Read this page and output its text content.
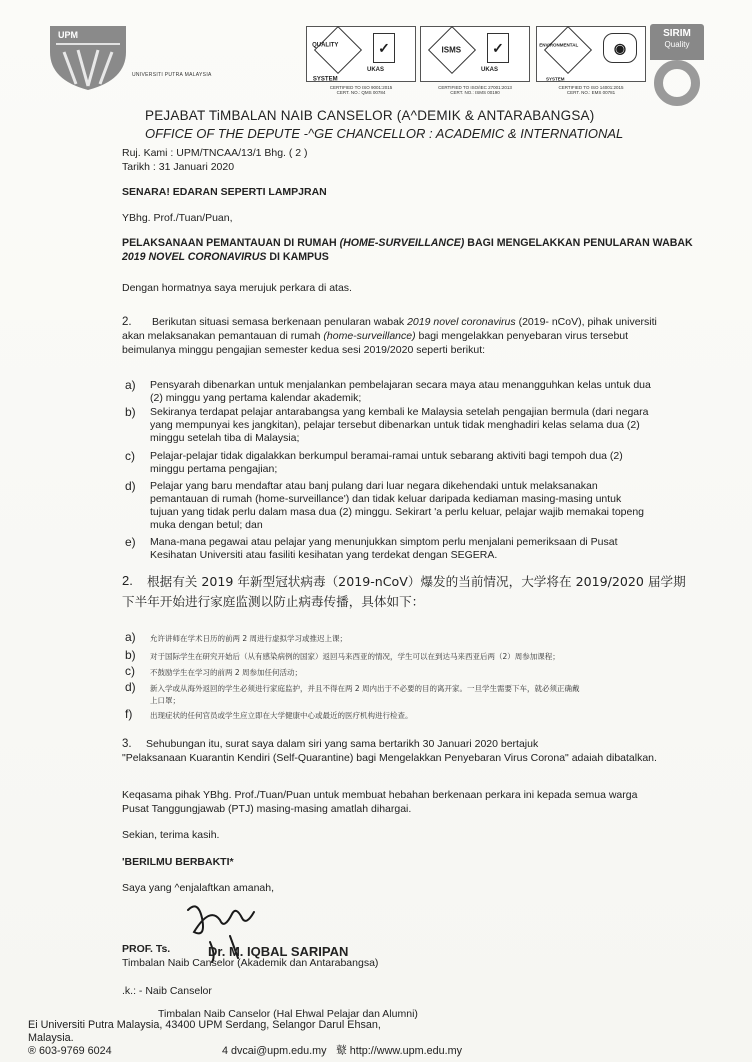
UPM
UNIVERSITI PUTRA MALAYSIA
QUALITY SYSTEM
✓
UKAS
CERTIFIED TO ISO 9001:2015
CERT. NO.: QMS 00784
ISMS	✓
UKAS
CERTIFIED TO ISO/IEC 27001:2013
CERT. NO.: ISMS 00190
ENVIRONMENTAL SYSTEM
◉
CERTIFIED TO ISO 14001:2015
CERT. NO.: EMS 00781
SIRIM
Quality
PEJABAT TiMBALAN NAIB CANSELOR (A^DEMIK & ANTARABANGSA)
OFFICE OF THE DEPUTE -^GE CHANCELLOR : ACADEMIC & INTERNATIONAL
Ruj. Kami : UPM/TNCAA/13/1 Bhg. ( 2 )
Tarikh : 31 Januari 2020
SENARA! EDARAN SEPERTI LAMPJRAN
YBhg. Prof./Tuan/Puan,
PELAKSANAAN PEMANTAUAN DI RUMAH (HOME-SURVEILLANCE) BAGI MENGELAKKAN PENULARAN WABAK
2019 NOVEL CORONAVIRUS DI KAMPUS
Dengan hormatnya saya merujuk perkara di atas.
2. Berikutan situasi semasa berkenaan penularan wabak 2019 novel coronavirus (2019- nCoV), pihak universiti
akan melaksanakan pemantauan di rumah (home-surveillance) bagi mengelakkan penyebaran virus tersebut
beimulanya minggu pengajian semester kedua sesi 2019/2020 seperti berikut:
a) Pensyarah dibenarkan untuk menjalankan pembelajaran secara maya atau menangguhkan kelas untuk dua
(2) minggu yang pertama kalendar akademik;
b) Sekiranya terdapat pelajar antarabangsa yang kembali ke Malaysia setelah pengajian bermula (dari negara
yang mempunyai kes jangkitan), pelajar tersebut dibenarkan untuk tidak menghadiri kelas selama dua (2)
minggu setelah tiba di Malaysia;
c) Pelajar-pelajar tidak digalakkan berkumpul beramai-ramai untuk sebarang aktiviti bagi tempoh dua (2)
minggu pertama pengajian;
d) Pelajar yang baru mendaftar atau banj pulang dari luar negara dikehendaki untuk melaksanakan
pemantauan di rumah (home-surveillance') dan tidak keluar daripada kediaman masing-masing untuk
tujuan yang tidak perlu dalam masa dua (2) minggu. Sekirart 'a perlu keluar, pelajar wajib memakai topeng
muka dengan betul; dan
e) Mana-mana pegawai atau pelajar yang menunjukkan simptom perlu menjalani pemeriksaan di Pusat
Kesihatan Universiti atau fasiliti kesihatan yang terdekat dengan SEGERA.
2. 根据有关 2019 年新型冠状病毒（2019-nCoV）爆发的当前情况，大学将在 2019/2020 届学期
下半年开始进行家庭监测以防止病毒传播，具体如下：
a) 允许讲师在学术日历的前两 2 周进行虚拟学习或推迟上课；
b) 对于国际学生在研究开始后（从有感染病例的国家）返回马来西亚的情况，学生可以在到达马来西亚后两（2）周参加课程；
c) 不鼓励学生在学习的前两 2 周参加任何活动；
d) 新入学或从海外返回的学生必须进行家庭监护，并且不得在两 2 周内出于不必要的目的离开家。一旦学生需要下车，就必须正确戴
上口罩；
f) 出现症状的任何官员或学生应立即在大学健康中心或最近的医疗机构进行检查。
3. Sehubungan itu, surat saya dalam siri yang sama bertarikh 30 Januari 2020 bertajuk
"Pelaksanaan Kuarantin Kendiri (Self-Quarantine) bagi Mengelakkan Penyebaran Virus Corona" adaiah dibatalkan.
Keqasama pihak YBhg. Prof./Tuan/Puan untuk membuat hebahan berkenaan perkara ini kepada semua warga
Pusat Tanggungjawab (PTJ) masing-masing amatlah dihargai.
Sekian, terima kasih.
'BERILMU BERBAKTI*
Saya yang ^enjalaftkan amanah,
PROF. Ts.	Dr. M. IQBAL SARIPAN
Timbalan Naib Canselor (Akademik dan Antarabangsa)
.k.: - Naib Canselor
Timbalan Naib Canselor (Hal Ehwal Pelajar dan Alumni)
Ei Universiti Putra Malaysia, 43400 UPM Serdang, Selangor Darul Ehsan,
Malaysia.
® 603-9769 6024	4 dvcai@upm.edu.my 鼙 http://www.upm.edu.my
